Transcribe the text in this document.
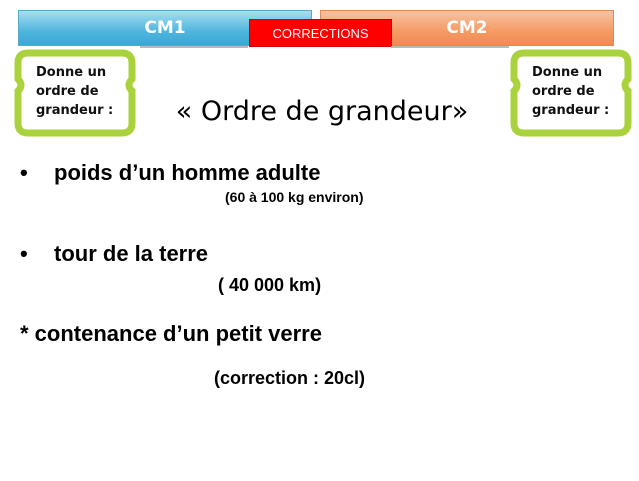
CM1	CM2
CORRECTIONS
Donne un ordre de grandeur :
Donne un ordre de grandeur :
« Ordre de grandeur»
• poids d’un homme adulte
(60 à 100 kg environ)
• tour de la terre
( 40 000 km)
* contenance d’un petit verre
(correction : 20cl)
